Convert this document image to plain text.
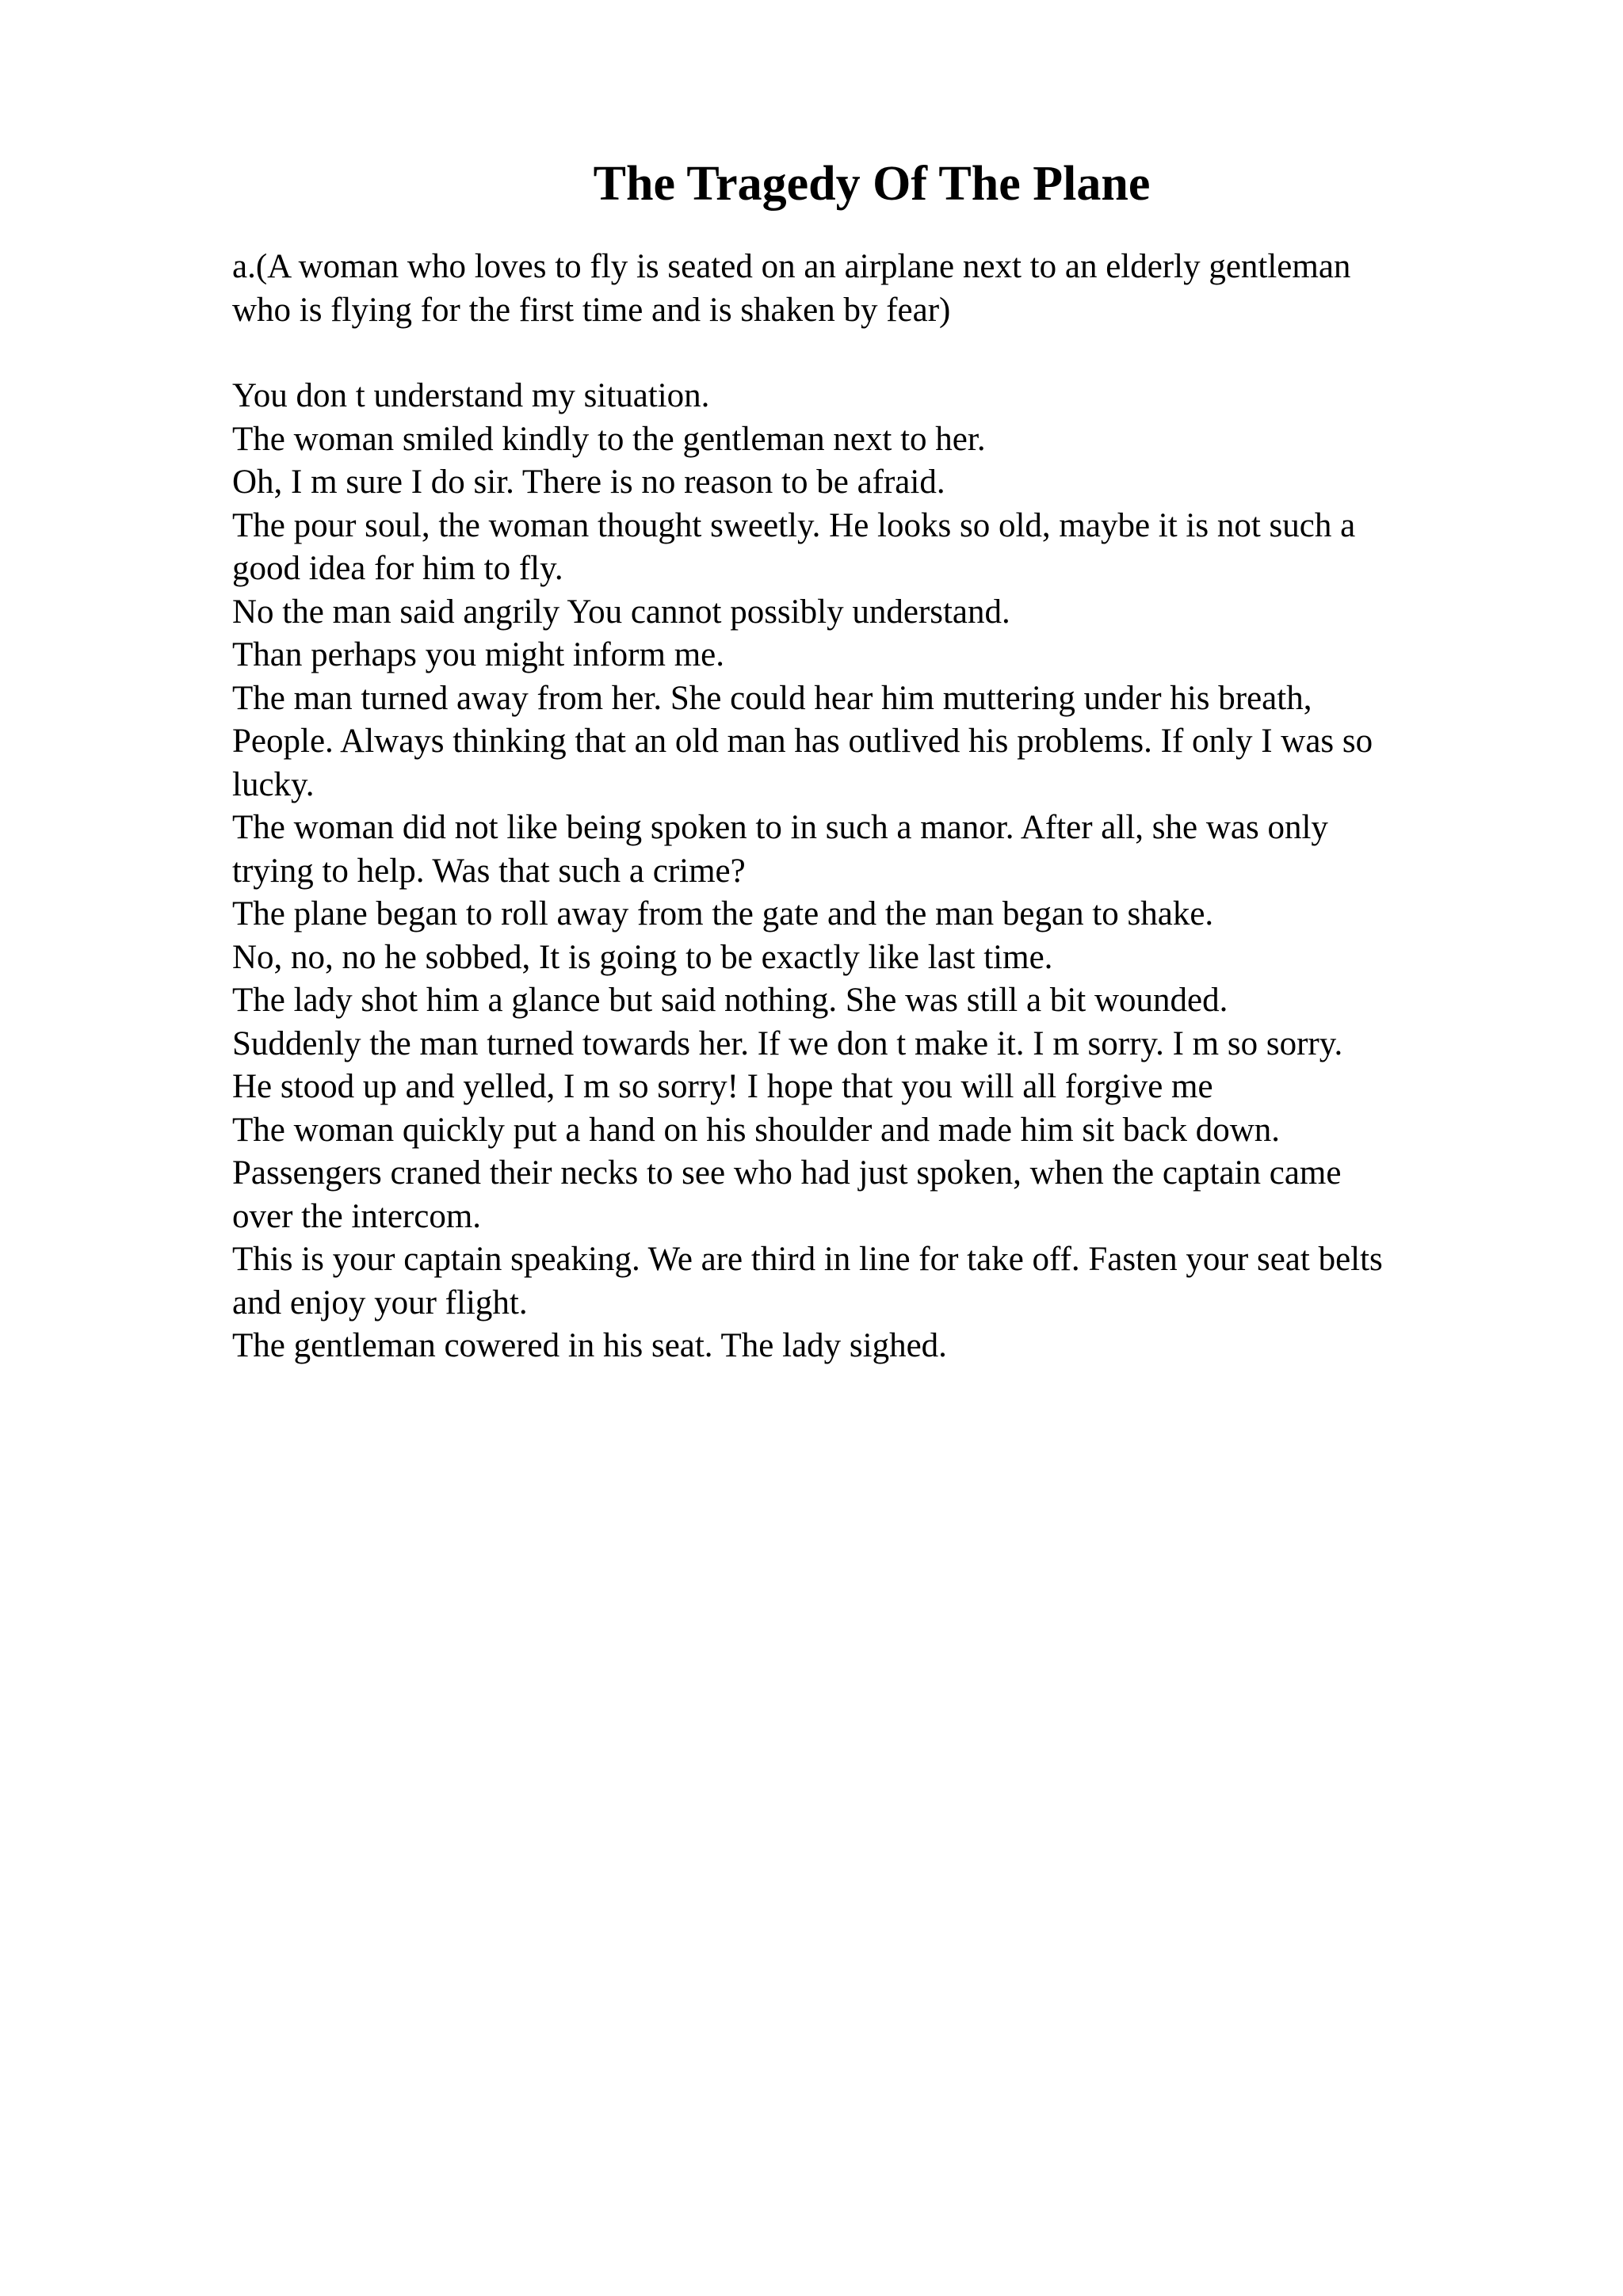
The Tragedy Of The Plane
a.(A woman who loves to fly is seated on an airplane next to an elderly gentleman
who is flying for the first time and is shaken by fear)
You don t understand my situation.
The woman smiled kindly to the gentleman next to her.
Oh, I m sure I do sir. There is no reason to be afraid.
The pour soul, the woman thought sweetly. He looks so old, maybe it is not such a
good idea for him to fly.
No the man said angrily You cannot possibly understand.
Than perhaps you might inform me.
The man turned away from her. She could hear him muttering under his breath,
People. Always thinking that an old man has outlived his problems. If only I was so
lucky.
The woman did not like being spoken to in such a manor. After all, she was only
trying to help. Was that such a crime?
The plane began to roll away from the gate and the man began to shake.
No, no, no he sobbed, It is going to be exactly like last time.
The lady shot him a glance but said nothing. She was still a bit wounded.
Suddenly the man turned towards her. If we don t make it. I m sorry. I m so sorry.
He stood up and yelled, I m so sorry! I hope that you will all forgive me
The woman quickly put a hand on his shoulder and made him sit back down.
Passengers craned their necks to see who had just spoken, when the captain came
over the intercom.
This is your captain speaking. We are third in line for take off. Fasten your seat belts
and enjoy your flight.
The gentleman cowered in his seat. The lady sighed.
